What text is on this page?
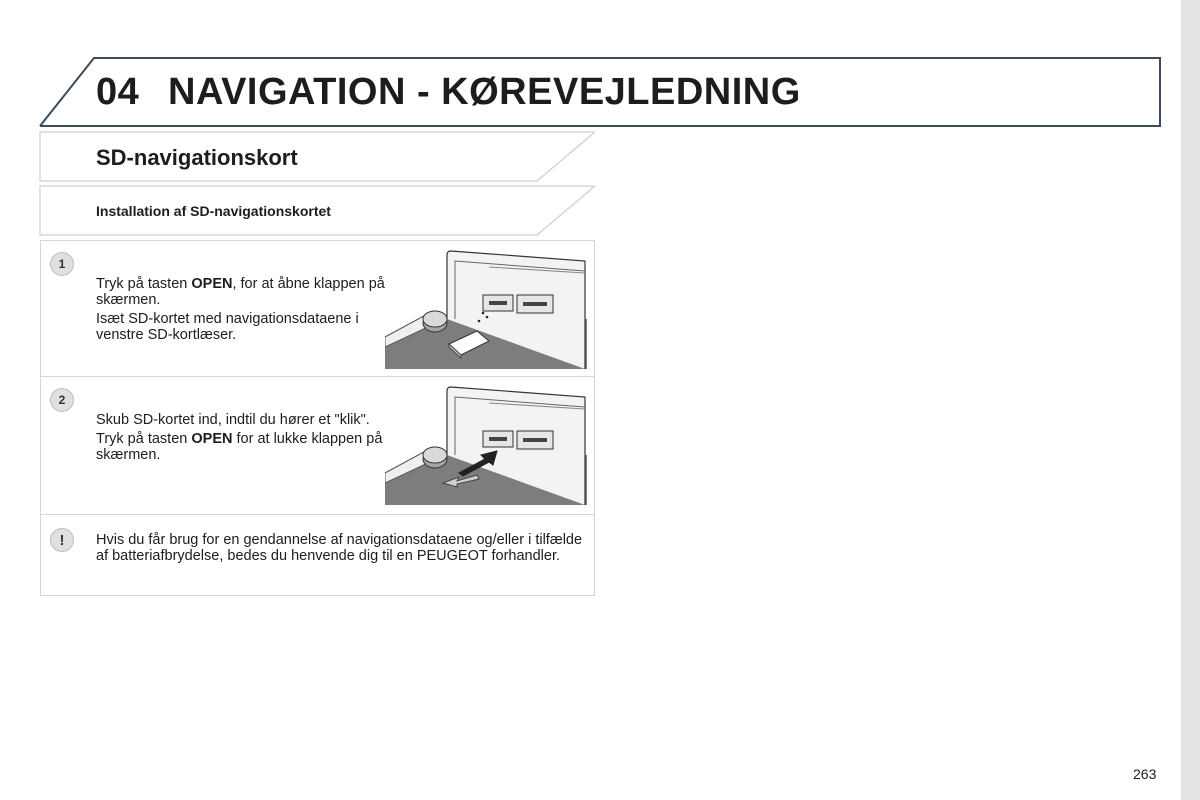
04 NAVIGATION - KØREVEJLEDNING
SD-navigationskort
Installation af SD-navigationskortet
1

Tryk på tasten OPEN, for at åbne klappen på skærmen.

Isæt SD-kortet med navigationsdataene i venstre SD-kortlæser.

2

Skub SD-kortet ind, indtil du hører et "klik".

Tryk på tasten OPEN for at lukke klappen på skærmen.

!	Hvis du får brug for en gendannelse af navigationsdataene og/eller i tilfælde af batteriafbrydelse, bedes du henvende dig til en PEUGEOT forhandler.
263
